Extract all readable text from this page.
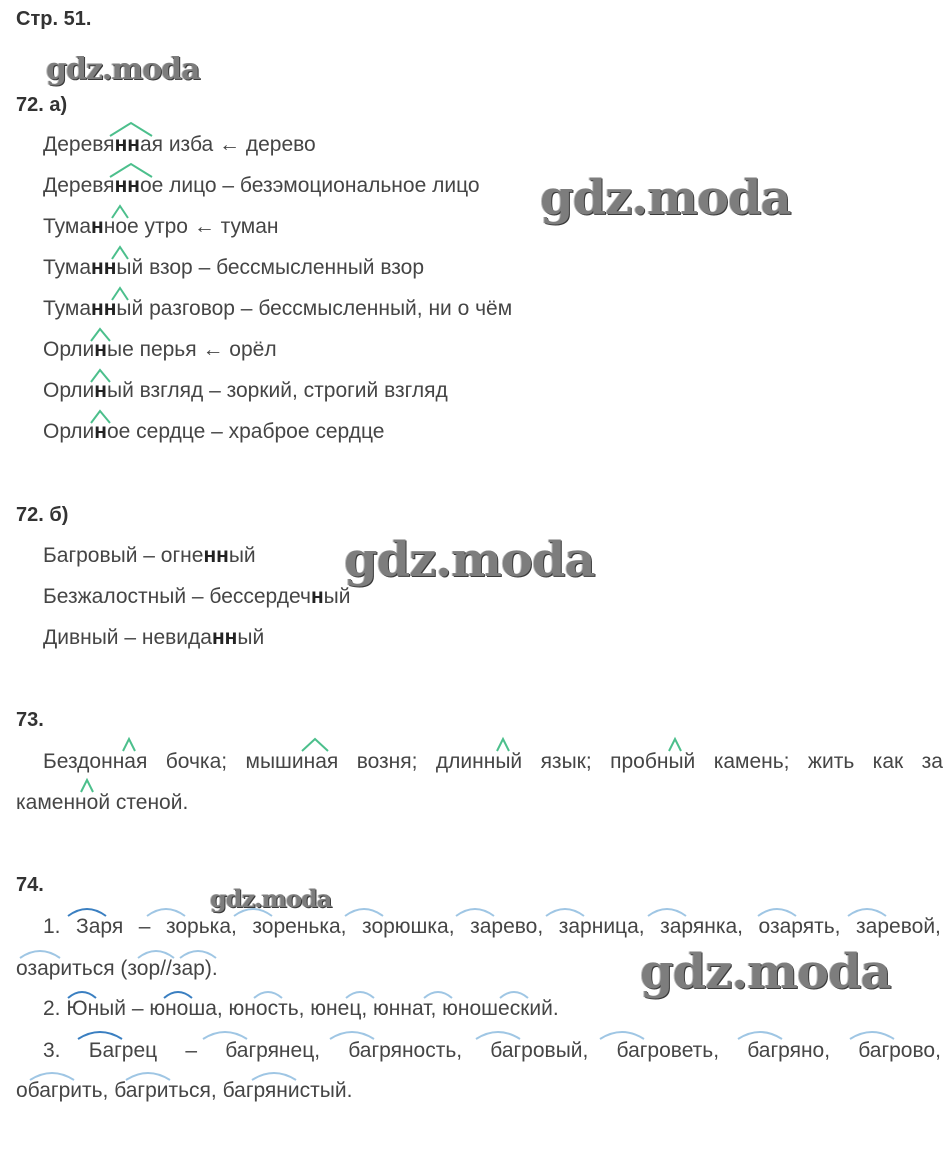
Стр. 51.
gdz.moda
gdz.moda
gdz.moda
gdz.moda
gdz.moda
72. а)
Деревянная изба ← дерево
Деревянное лицо – безэмоциональное лицо
Туманное утро ← туман
Туманный взор – бессмысленный взор
Туманный разговор – бессмысленный, ни о чём
Орлиные перья ← орёл
Орлиный взгляд – зоркий, строгий взгляд
Орлиное сердце – храброе сердце
72. б)
Багровый – огненный
Безжалостный – бессердечный
Дивный – невиданный
73.
Бездонная бочка; мышиная возня; длинный язык; пробный камень; жить как за
каменной стеной.
74.
1. Заря – зорька, зоренька, зорюшка, зарево, зарница, зарянка, озарять, заревой,
озариться (зор//зар).
2. Юный – юноша, юность, юнец, юннат, юношеский.
3. Багрец – багрянец, багряность, багровый, багроветь, багряно, багрово,
обагрить, багриться, багрянистый.
